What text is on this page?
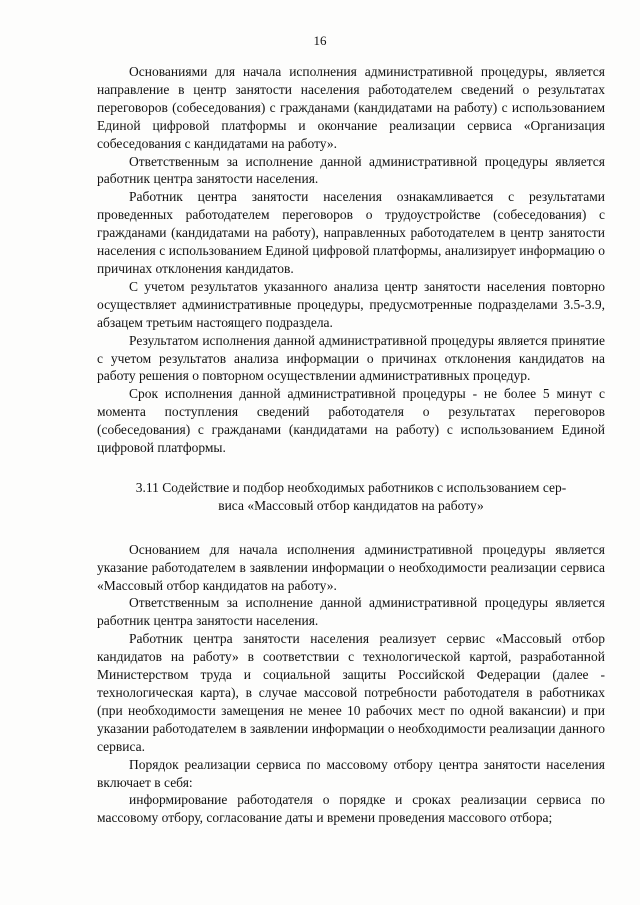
16

Основаниями для начала исполнения административной процедуры, является направление в центр занятости населения работодателем сведений о результатах переговоров (собеседования) с гражданами (кандидатами на работу) с использованием Единой цифровой платформы и окончание реализации сервиса «Организация собеседования с кандидатами на работу».

Ответственным за исполнение данной административной процедуры является работник центра занятости населения.

Работник центра занятости населения ознакамливается с результатами проведенных работодателем переговоров о трудоустройстве (собеседования) с гражданами (кандидатами на работу), направленных работодателем в центр занятости населения с использованием Единой цифровой платформы, анализирует информацию о причинах отклонения кандидатов.

С учетом результатов указанного анализа центр занятости населения повторно осуществляет административные процедуры, предусмотренные подразделами 3.5-3.9, абзацем третьим настоящего подраздела.

Результатом исполнения данной административной процедуры является принятие с учетом результатов анализа информации о причинах отклонения кандидатов на работу решения о повторном осуществлении административных процедур.

Срок исполнения данной административной процедуры - не более 5 минут с момента поступления сведений работодателя о результатах переговоров (собеседования) с гражданами (кандидатами на работу) с использованием Единой цифровой платформы.

3.11 Содействие и подбор необходимых работников с использованием сер-
виса «Массовый отбор кандидатов на работу»

Основанием для начала исполнения административной процедуры является указание работодателем в заявлении информации о необходимости реализации сервиса «Массовый отбор кандидатов на работу».

Ответственным за исполнение данной административной процедуры является работник центра занятости населения.

Работник центра занятости населения реализует сервис «Массовый отбор кандидатов на работу» в соответствии с технологической картой, разработанной Министерством труда и социальной защиты Российской Федерации (далее - технологическая карта), в случае массовой потребности работодателя в работниках (при необходимости замещения не менее 10 рабочих мест по одной вакансии) и при указании работодателем в заявлении информации о необходимости реализации данного сервиса.

Порядок реализации сервиса по массовому отбору центра занятости населения включает в себя:

информирование работодателя о порядке и сроках реализации сервиса по массовому отбору, согласование даты и времени проведения массового отбора;
